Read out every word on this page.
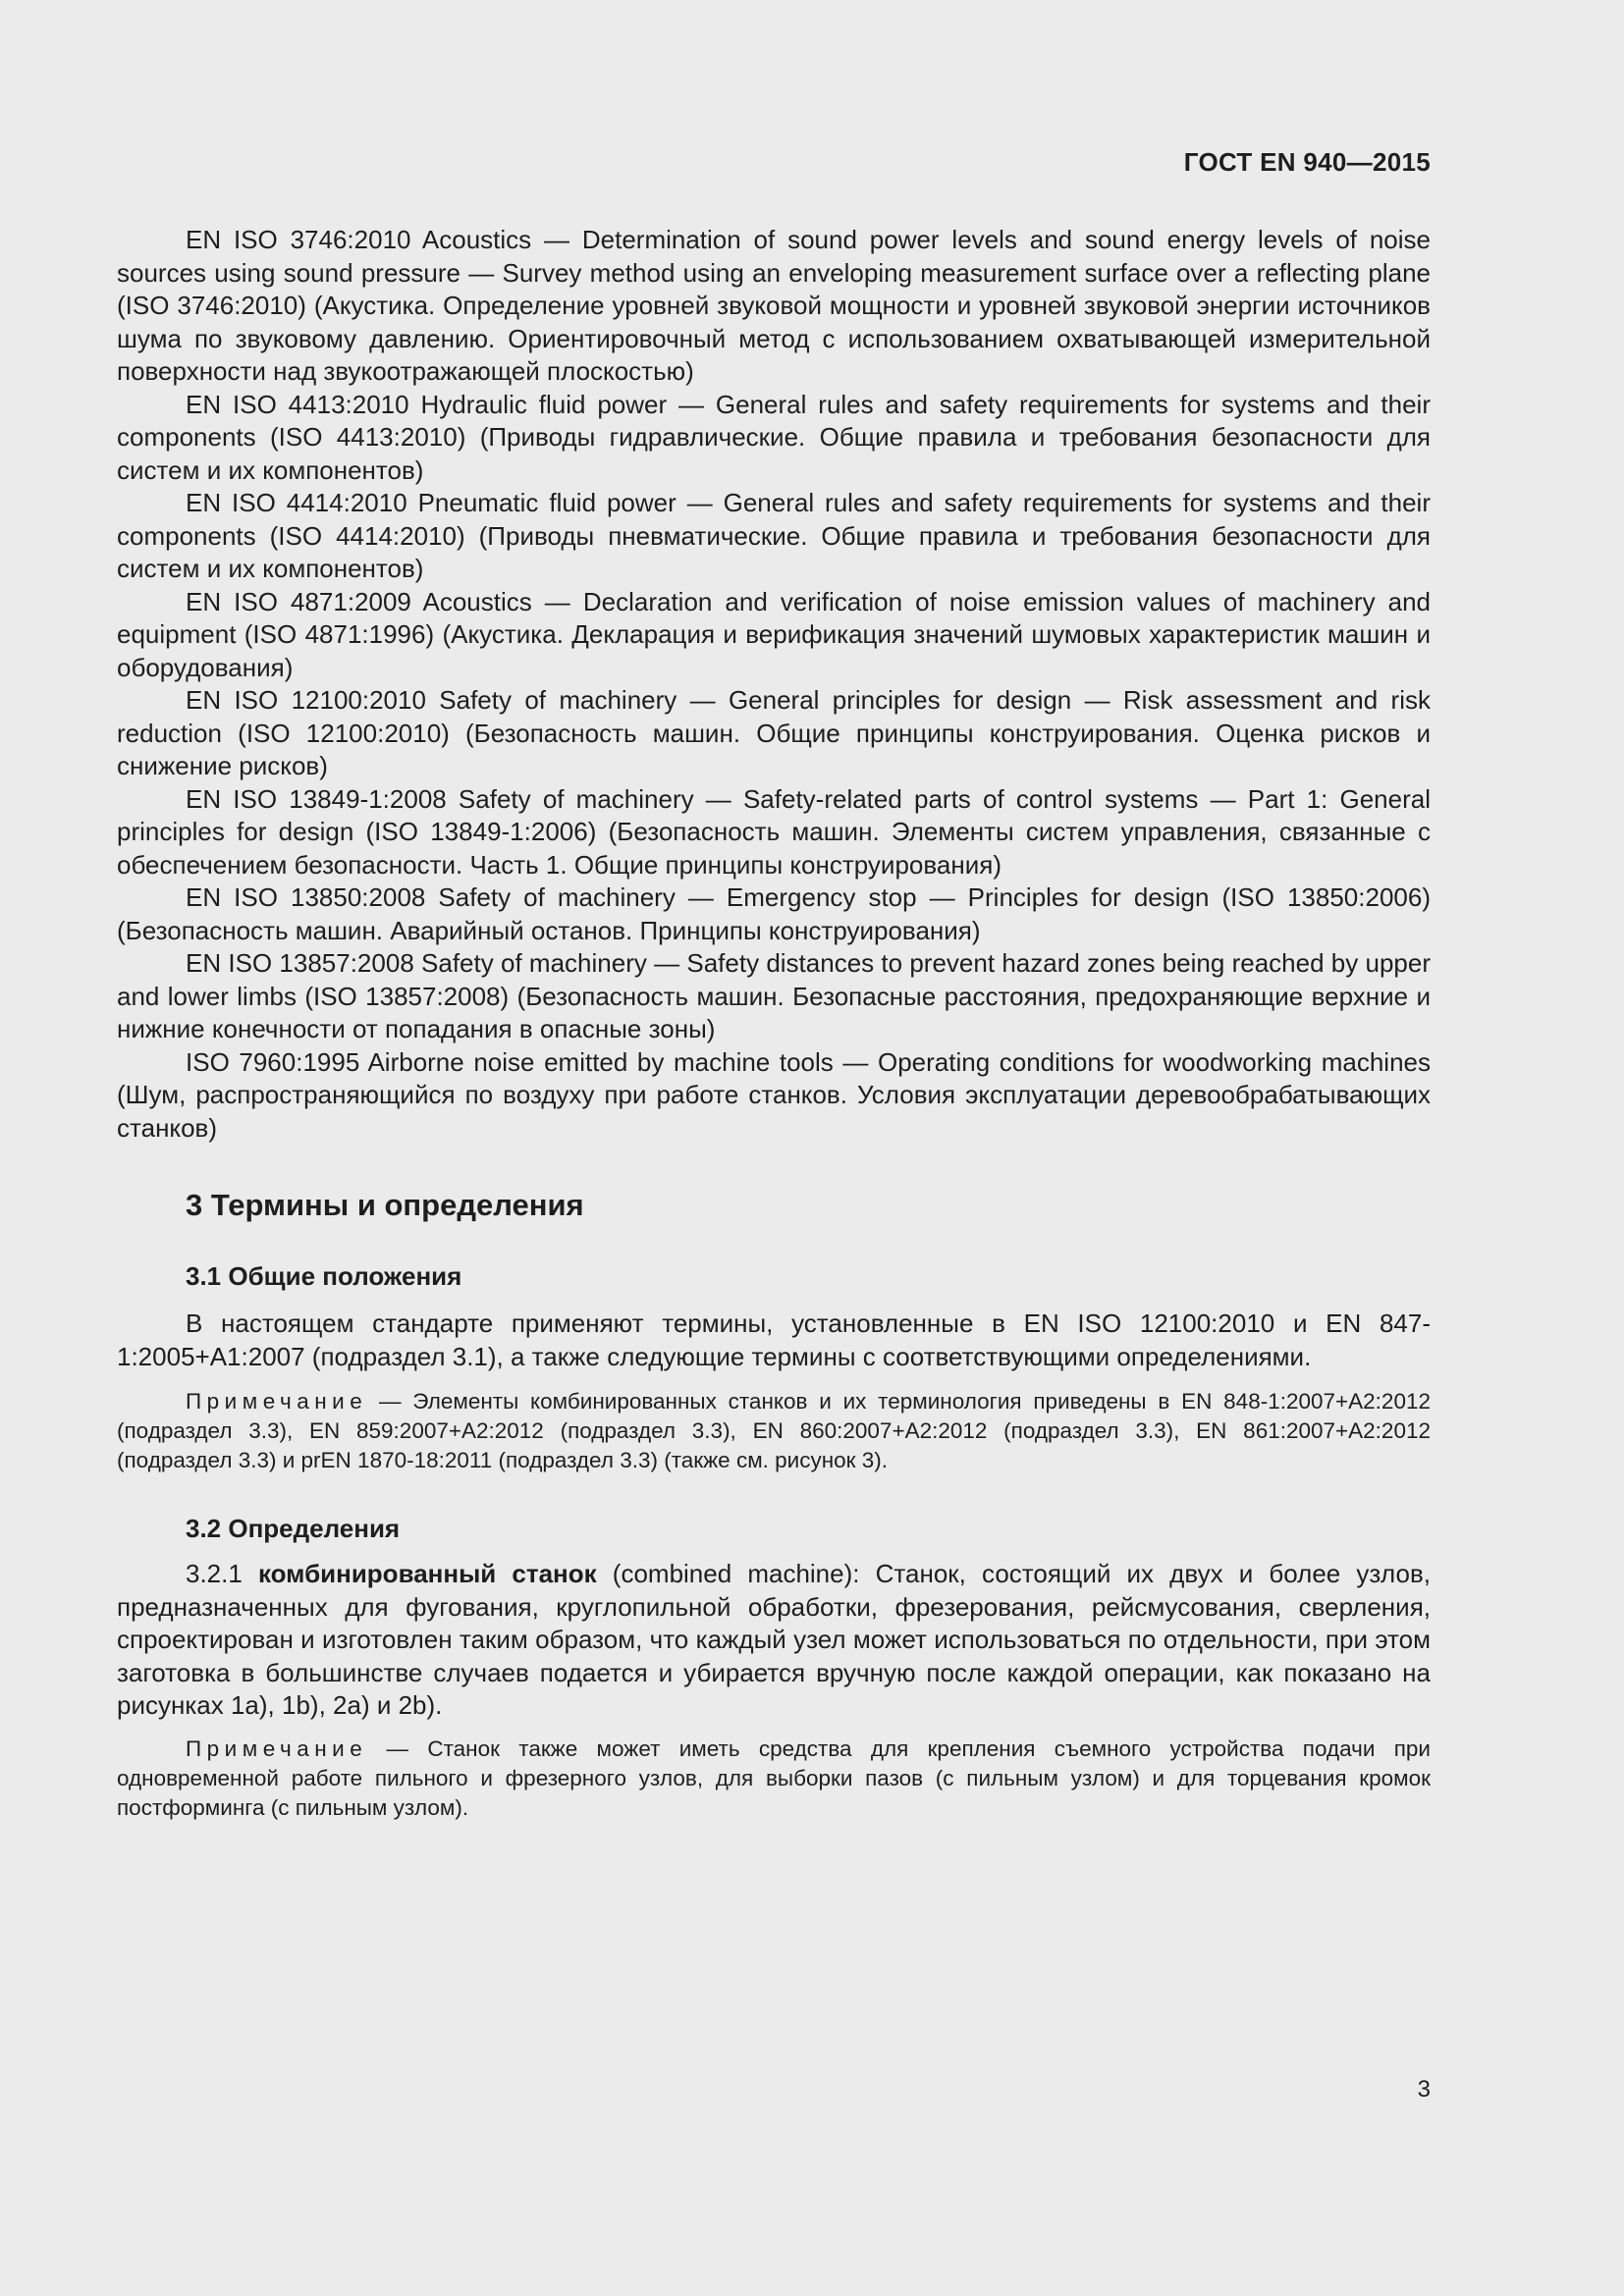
ГОСТ EN 940—2015

EN ISO 3746:2010 Acoustics — Determination of sound power levels and sound energy levels of noise sources using sound pressure — Survey method using an enveloping measurement surface over a reflecting plane (ISO 3746:2010) (Акустика. Определение уровней звуковой мощности и уровней звуковой энергии источников шума по звуковому давлению. Ориентировочный метод с использованием охватывающей измерительной поверхности над звукоотражающей плоскостью)

EN ISO 4413:2010 Hydraulic fluid power — General rules and safety requirements for systems and their components (ISO 4413:2010) (Приводы гидравлические. Общие правила и требования безопасности для систем и их компонентов)

EN ISO 4414:2010 Pneumatic fluid power — General rules and safety requirements for systems and their components (ISO 4414:2010) (Приводы пневматические. Общие правила и требования безопасности для систем и их компонентов)

EN ISO 4871:2009 Acoustics — Declaration and verification of noise emission values of machinery and equipment (ISO 4871:1996) (Акустика. Декларация и верификация значений шумовых характеристик машин и оборудования)

EN ISO 12100:2010 Safety of machinery — General principles for design — Risk assessment and risk reduction (ISO 12100:2010) (Безопасность машин. Общие принципы конструирования. Оценка рисков и снижение рисков)

EN ISO 13849-1:2008 Safety of machinery — Safety-related parts of control systems — Part 1: General principles for design (ISO 13849-1:2006) (Безопасность машин. Элементы систем управления, связанные с обеспечением безопасности. Часть 1. Общие принципы конструирования)

EN ISO 13850:2008 Safety of machinery — Emergency stop — Principles for design (ISO 13850:2006) (Безопасность машин. Аварийный останов. Принципы конструирования)

EN ISO 13857:2008 Safety of machinery — Safety distances to prevent hazard zones being reached by upper and lower limbs (ISO 13857:2008) (Безопасность машин. Безопасные расстояния, предохраняющие верхние и нижние конечности от попадания в опасные зоны)

ISO 7960:1995 Airborne noise emitted by machine tools — Operating conditions for woodworking machines (Шум, распространяющийся по воздуху при работе станков. Условия эксплуатации деревообрабатывающих станков)

3 Термины и определения
3.1 Общие положения

В настоящем стандарте применяют термины, установленные в EN ISO 12100:2010 и EN 847-1:2005+A1:2007 (подраздел 3.1), а также следующие термины с соответствующими определениями.

Примечание — Элементы комбинированных станков и их терминология приведены в EN 848-1:2007+A2:2012 (подраздел 3.3), EN 859:2007+A2:2012 (подраздел 3.3), EN 860:2007+A2:2012 (подраздел 3.3), EN 861:2007+A2:2012 (подраздел 3.3) и prEN 1870-18:2011 (подраздел 3.3) (также см. рисунок 3).

3.2 Определения

3.2.1 комбинированный станок (combined machine): Станок, состоящий их двух и более узлов, предназначенных для фугования, круглопильной обработки, фрезерования, рейсмусования, сверления, спроектирован и изготовлен таким образом, что каждый узел может использоваться по отдельности, при этом заготовка в большинстве случаев подается и убирается вручную после каждой операции, как показано на рисунках 1a), 1b), 2a) и 2b).

Примечание — Станок также может иметь средства для крепления съемного устройства подачи при одновременной работе пильного и фрезерного узлов, для выборки пазов (с пильным узлом) и для торцевания кромок постформинга (с пильным узлом).

3
